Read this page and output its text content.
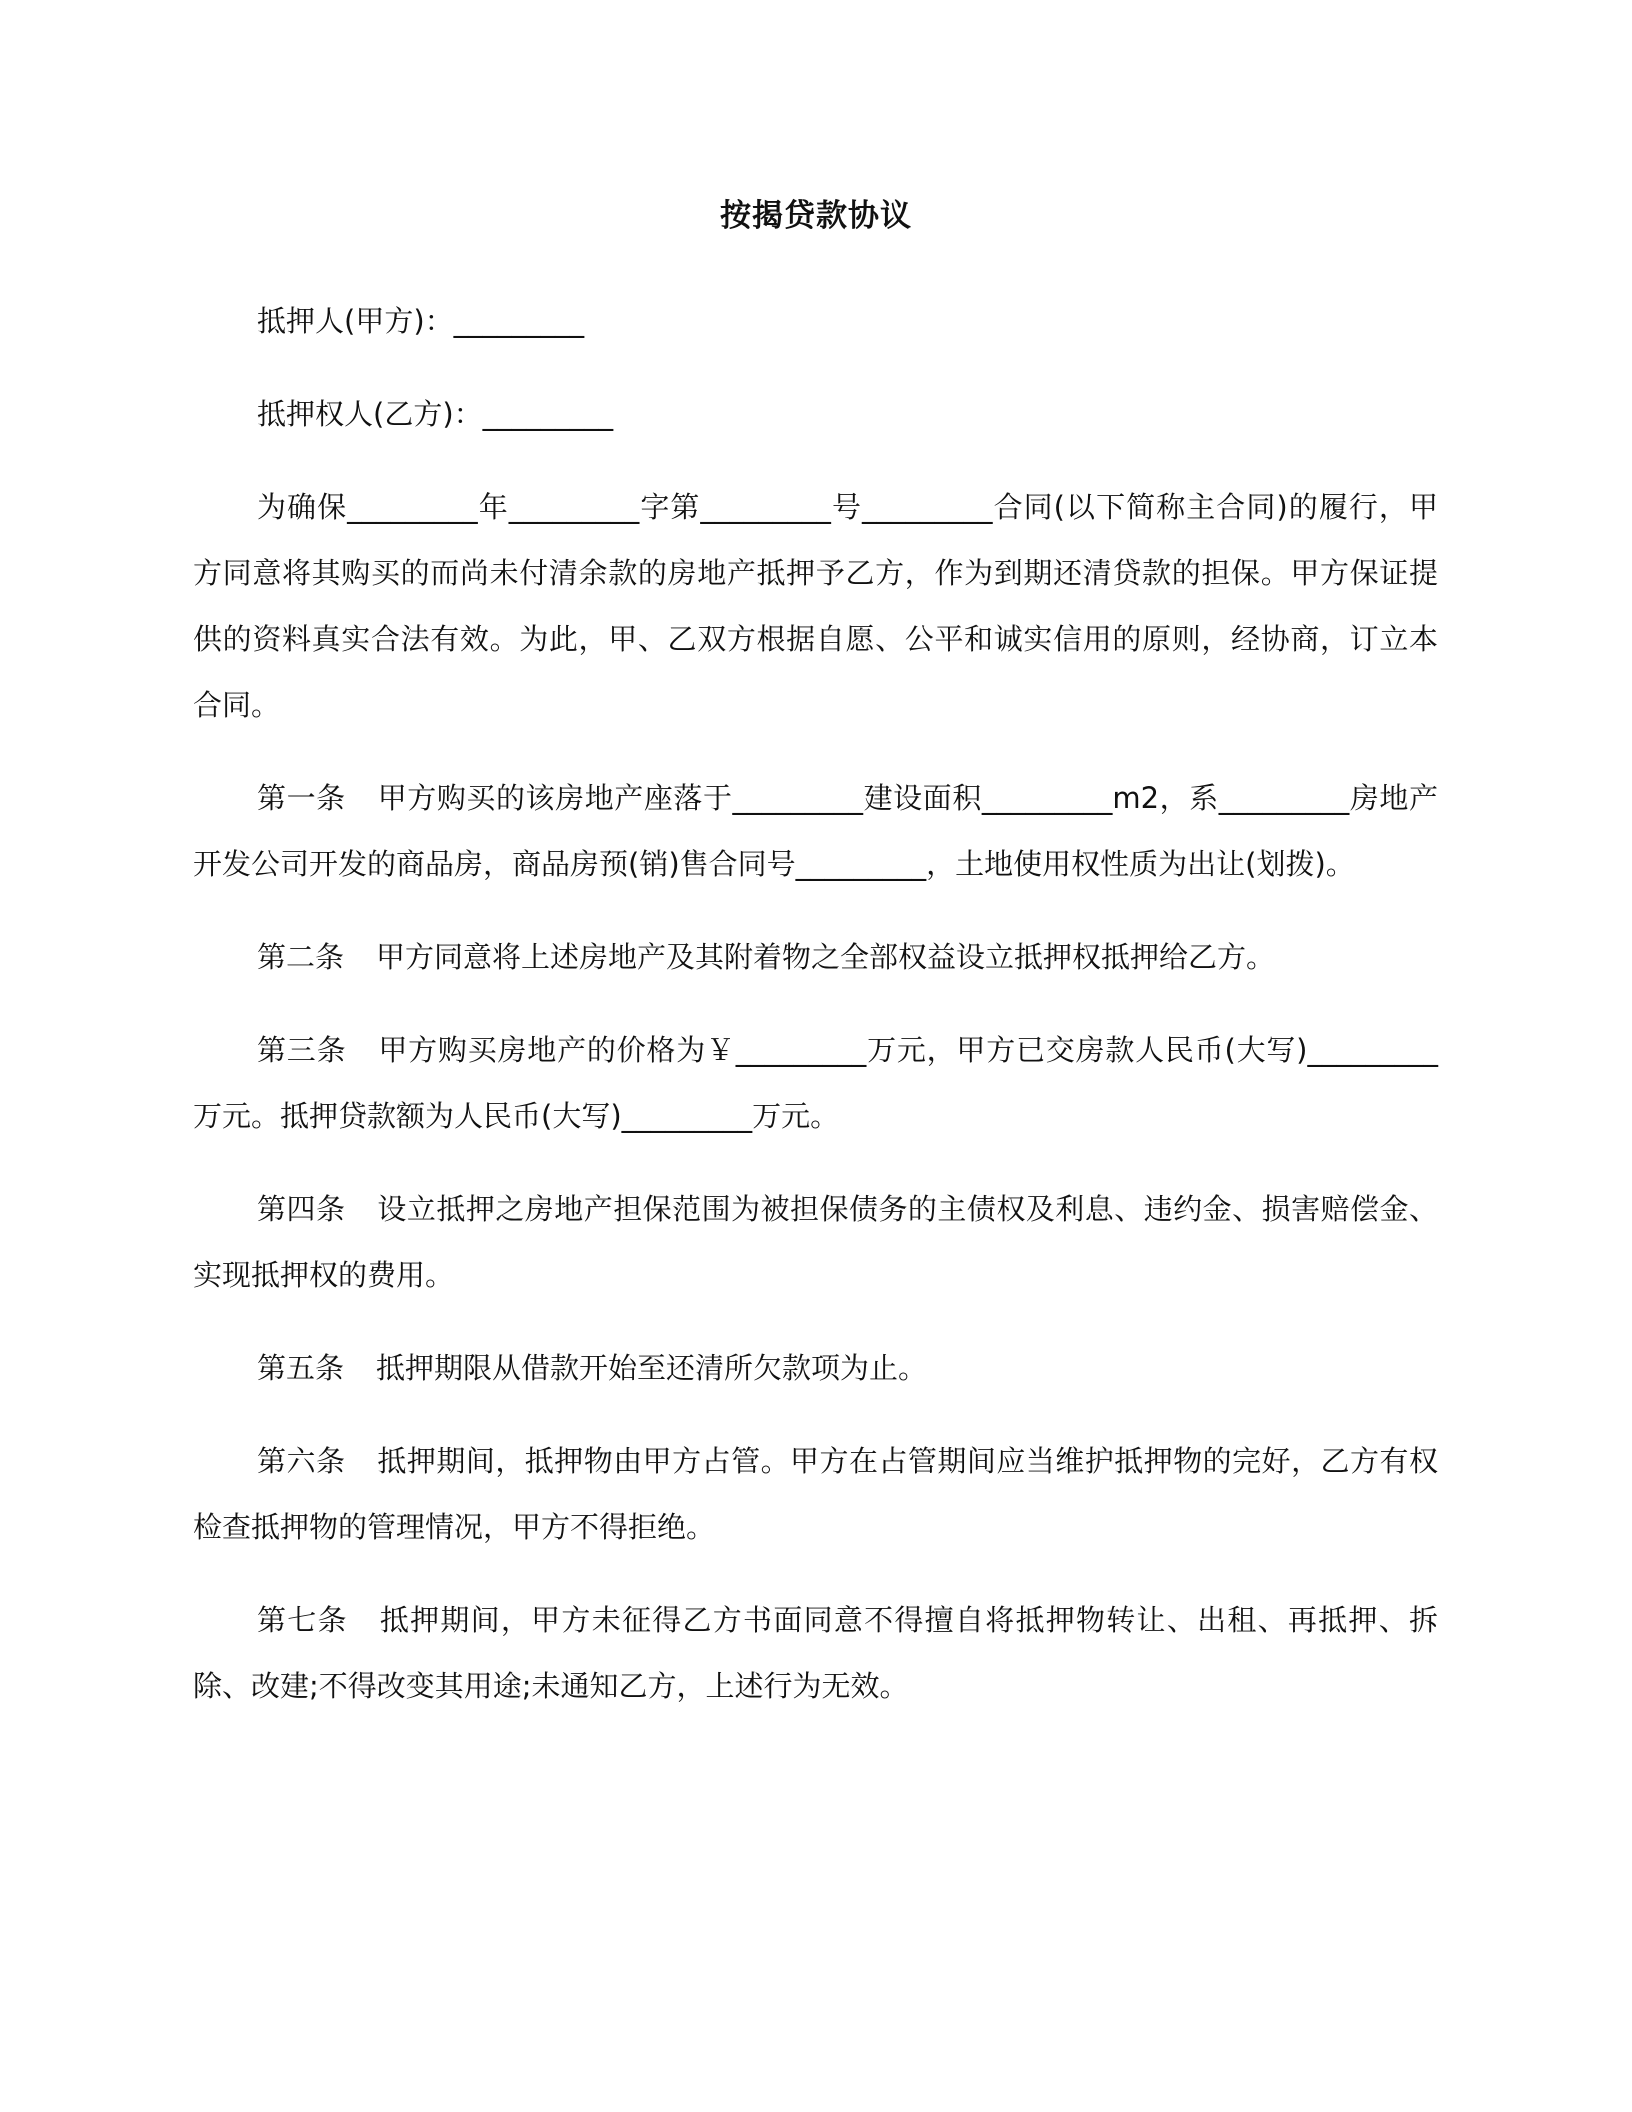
按揭贷款协议

抵押人(甲方)：_________

抵押权人(乙方)：_________

为确保_________年_________字第_________号_________合同(以下简称主合同)的履行，甲方同意将其购买的而尚未付清余款的房地产抵押予乙方，作为到期还清贷款的担保。甲方保证提供的资料真实合法有效。为此，甲、乙双方根据自愿、公平和诚实信用的原则，经协商，订立本合同。

第一条 甲方购买的该房地产座落于_________建设面积_________m2，系_________房地产开发公司开发的商品房，商品房预(销)售合同号_________，土地使用权性质为出让(划拨)。

第二条 甲方同意将上述房地产及其附着物之全部权益设立抵押权抵押给乙方。

第三条 甲方购买房地产的价格为￥_________万元，甲方已交房款人民币(大写)_________万元。抵押贷款额为人民币(大写)_________万元。

第四条 设立抵押之房地产担保范围为被担保债务的主债权及利息、违约金、损害赔偿金、实现抵押权的费用。

第五条 抵押期限从借款开始至还清所欠款项为止。

第六条 抵押期间，抵押物由甲方占管。甲方在占管期间应当维护抵押物的完好，乙方有权检查抵押物的管理情况，甲方不得拒绝。

第七条 抵押期间，甲方未征得乙方书面同意不得擅自将抵押物转让、出租、再抵押、拆除、改建;不得改变其用途;未通知乙方，上述行为无效。
